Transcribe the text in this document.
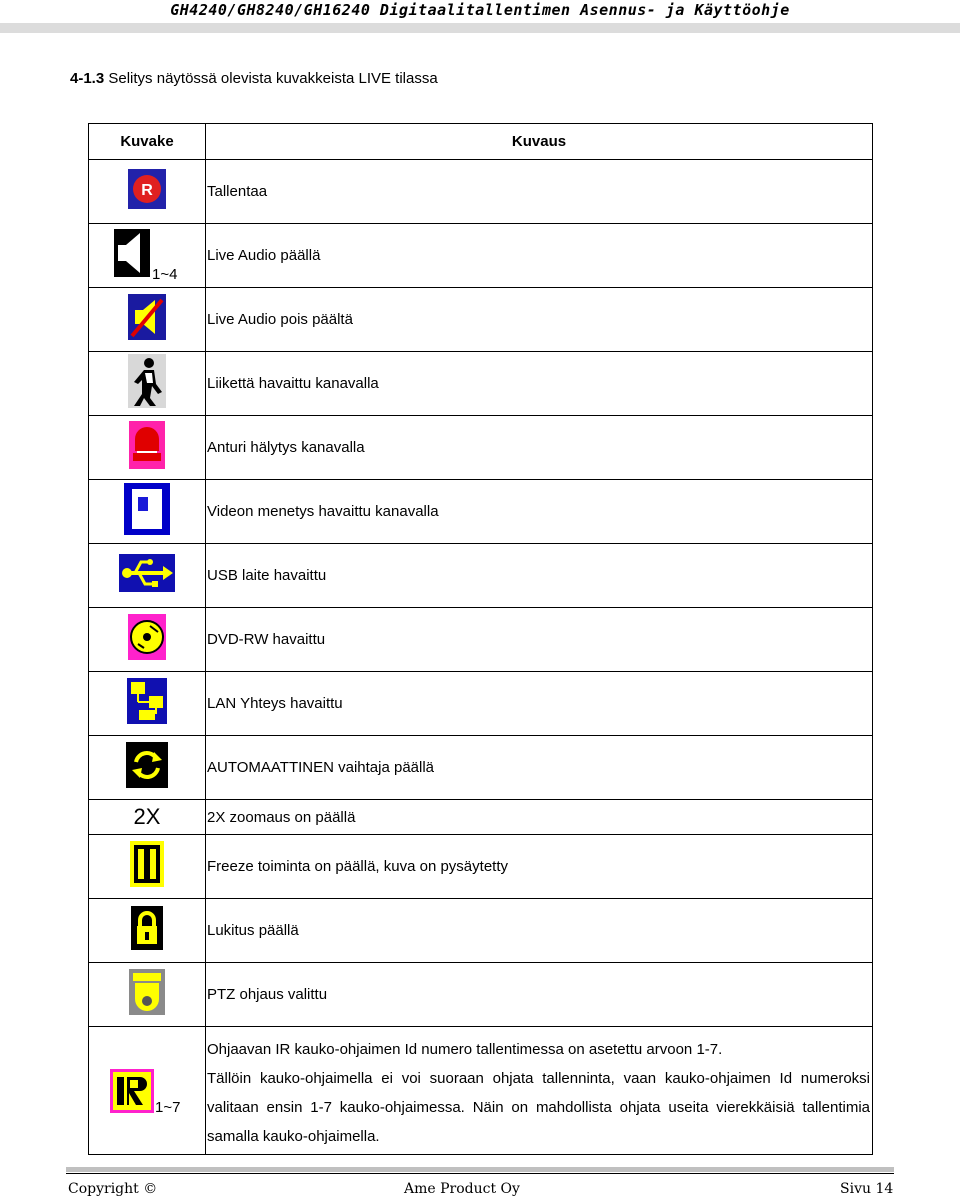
GH4240/GH8240/GH16240 Digitaalitallentimen Asennus- ja Käyttöohje
4-1.3 Selitys näytössä olevista kuvakkeista LIVE tilassa
Kuvake	Kuvaus

R	Tallentaa

1~4	Live Audio päällä
	Live Audio pois päältä
	Liikettä havaittu kanavalla
	Anturi hälytys kanavalla
	Videon menetys havaittu kanavalla
	USB laite havaittu
	DVD-RW havaittu
	LAN Yhteys havaittu
	AUTOMAATTINEN vaihtaja päällä
2X	2X zoomaus on päällä
	Freeze toiminta on päällä, kuva on pysäytetty
	Lukitus päällä
	PTZ ohjaus valittu

1~7	Ohjaavan IR kauko-ohjaimen Id numero tallentimessa on asetettu arvoon 1-7.
Tällöin kauko-ohjaimella ei voi suoraan ohjata tallenninta, vaan kauko-ohjaimen Id numeroksi valitaan ensin 1-7 kauko-ohjaimessa. Näin on mahdollista ohjata useita vierekkäisiä tallentimia samalla kauko-ohjaimella.
Copyright ©	Ame Product Oy	Sivu 14
